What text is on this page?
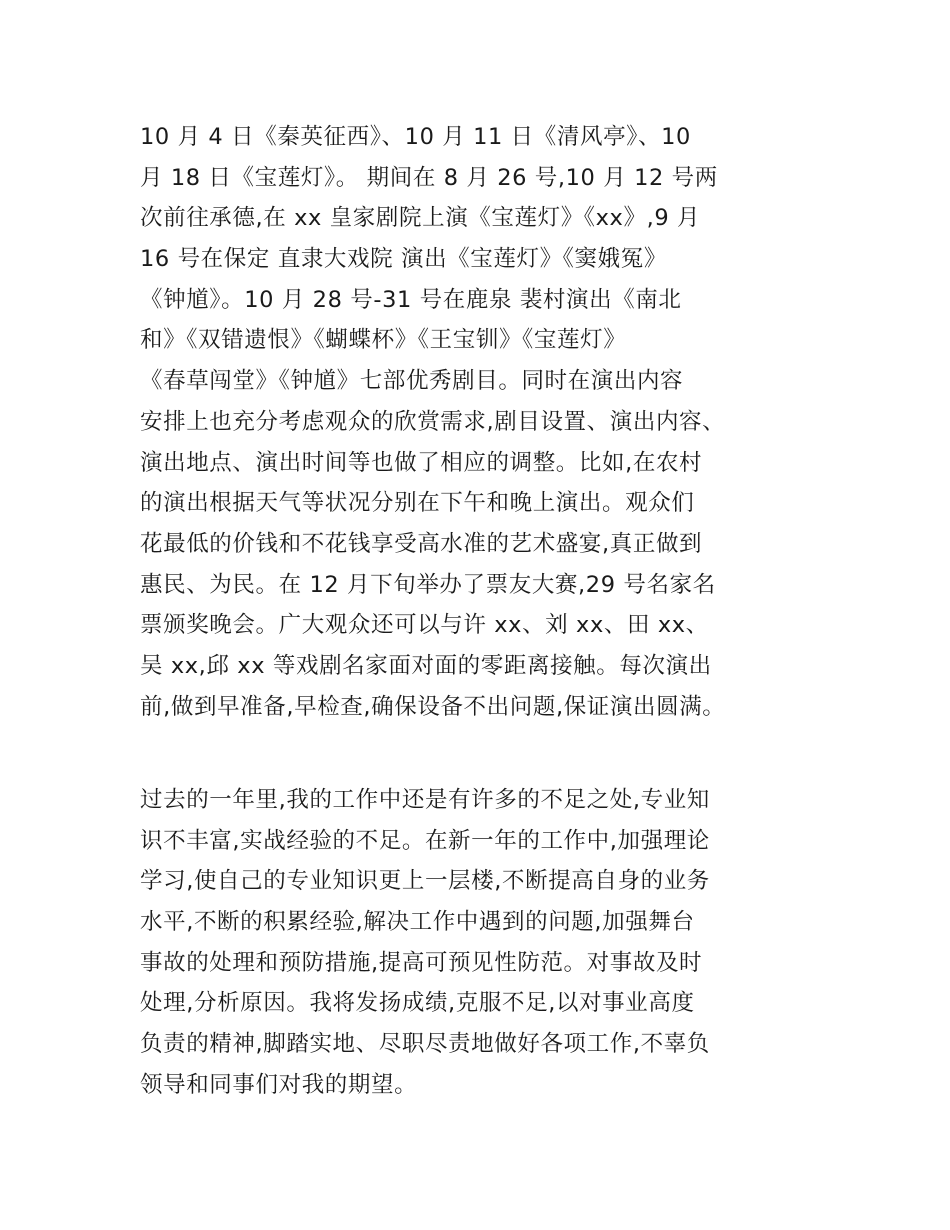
10 月 4 日《秦英征西》、10 月 11 日《清风亭》、10
月 18 日《宝莲灯》。 期间在 8 月 26 号,10 月 12 号两
次前往承德,在 xx 皇家剧院上演《宝莲灯》《xx》,9 月
16 号在保定 直隶大戏院 演出《宝莲灯》《窦娥冤》
《钟馗》。10 月 28 号-31 号在鹿泉 裴村演出《南北
和》《双错遗恨》《蝴蝶杯》《王宝钏》《宝莲灯》
《春草闯堂》《钟馗》七部优秀剧目。同时在演出内容
安排上也充分考虑观众的欣赏需求,剧目设置、演出内容、
演出地点、演出时间等也做了相应的调整。比如,在农村
的演出根据天气等状况分别在下午和晚上演出。观众们
花最低的价钱和不花钱享受高水准的艺术盛宴,真正做到
惠民、为民。在 12 月下旬举办了票友大赛,29 号名家名
票颁奖晚会。广大观众还可以与许 xx、刘 xx、田 xx、
吴 xx,邱 xx 等戏剧名家面对面的零距离接触。每次演出
前,做到早准备,早检查,确保设备不出问题,保证演出圆满。
过去的一年里,我的工作中还是有许多的不足之处,专业知
识不丰富,实战经验的不足。在新一年的工作中,加强理论
学习,使自己的专业知识更上一层楼,不断提高自身的业务
水平,不断的积累经验,解决工作中遇到的问题,加强舞台
事故的处理和预防措施,提高可预见性防范。对事故及时
处理,分析原因。我将发扬成绩,克服不足,以对事业高度
负责的精神,脚踏实地、尽职尽责地做好各项工作,不辜负
领导和同事们对我的期望。
